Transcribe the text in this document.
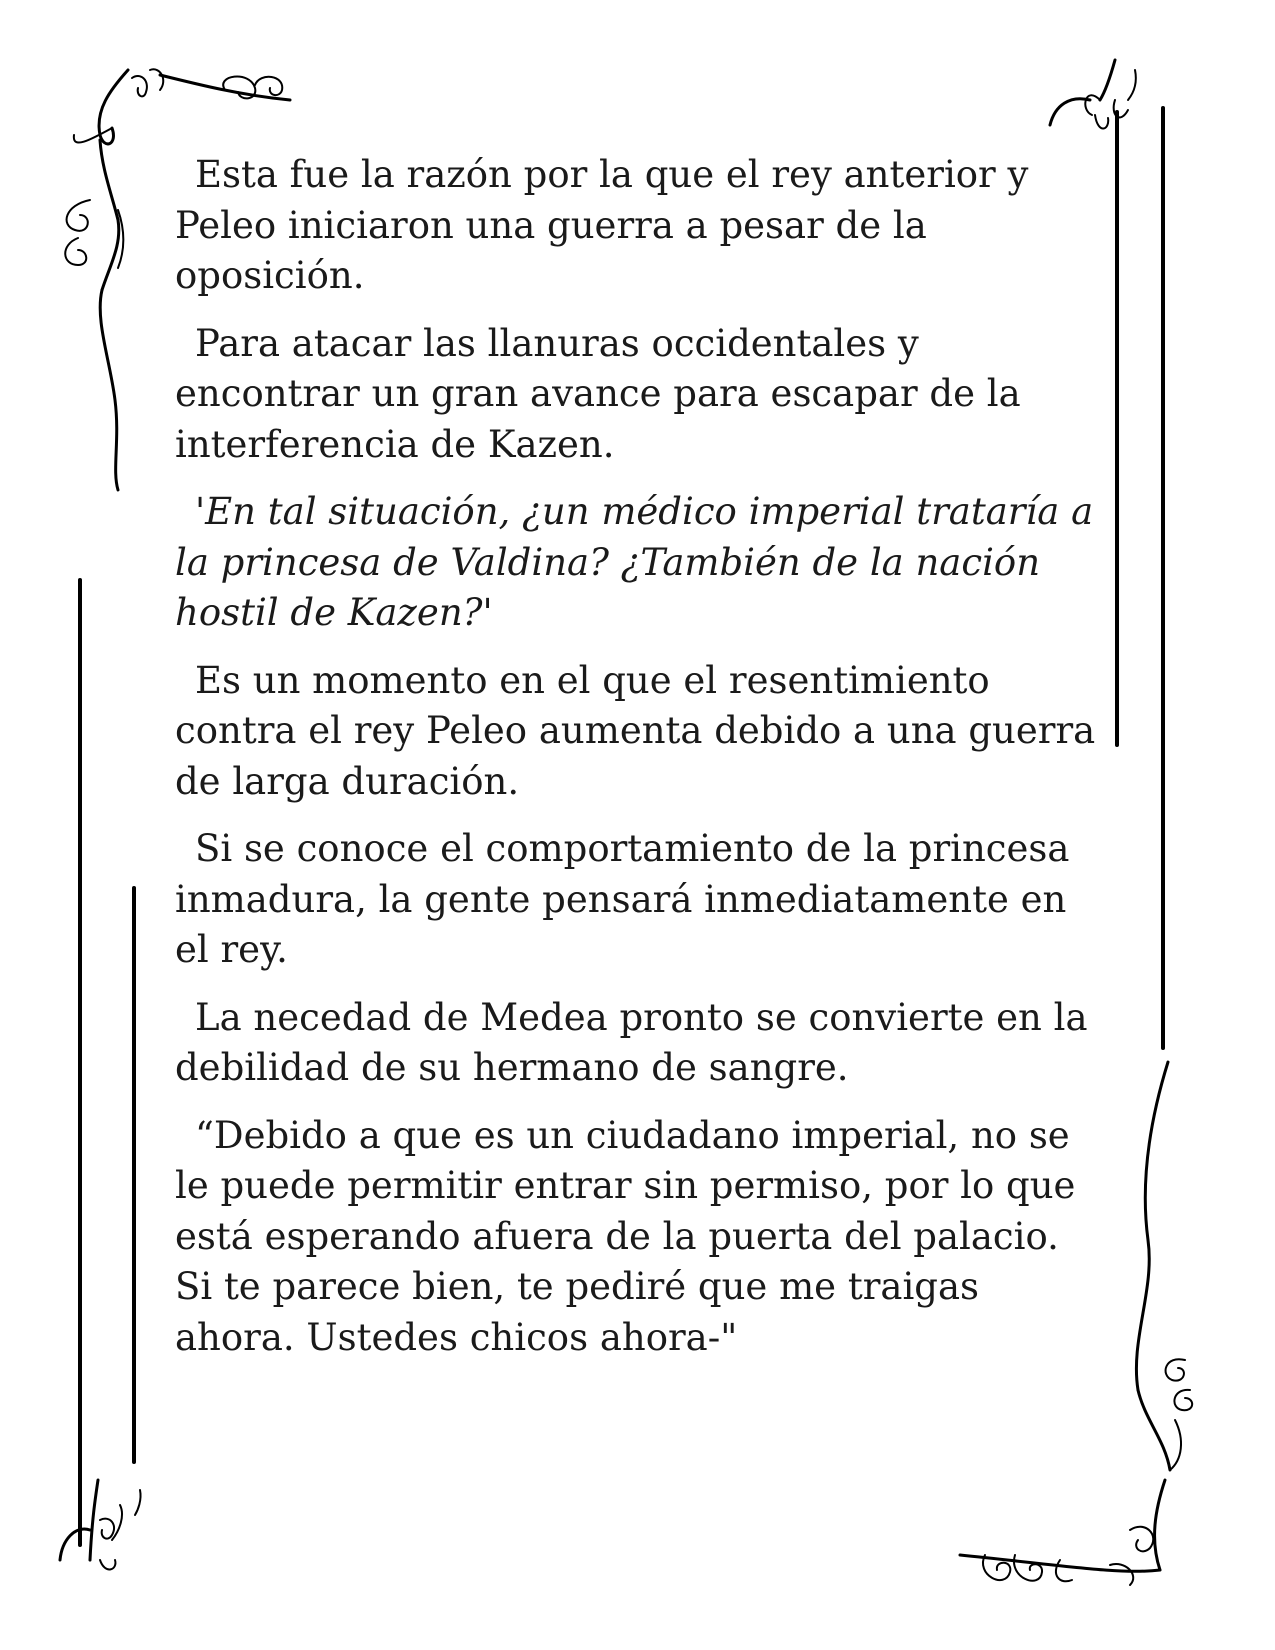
Esta fue la razón por la que el rey anterior y Peleo iniciaron una guerra a pesar de la oposición.

Para atacar las llanuras occidentales y encontrar un gran avance para escapar de la interferencia de Kazen.

'En tal situación, ¿un médico imperial trataría a la princesa de Valdina? ¿También de la nación hostil de Kazen?'

Es un momento en el que el resentimiento contra el rey Peleo aumenta debido a una guerra de larga duración.

Si se conoce el comportamiento de la princesa inmadura, la gente pensará inmediatamente en el rey.

La necedad de Medea pronto se convierte en la debilidad de su hermano de sangre.

“Debido a que es un ciudadano imperial, no se le puede permitir entrar sin permiso, por lo que está esperando afuera de la puerta del palacio. Si te parece bien, te pediré que me traigas ahora. Ustedes chicos ahora-"
